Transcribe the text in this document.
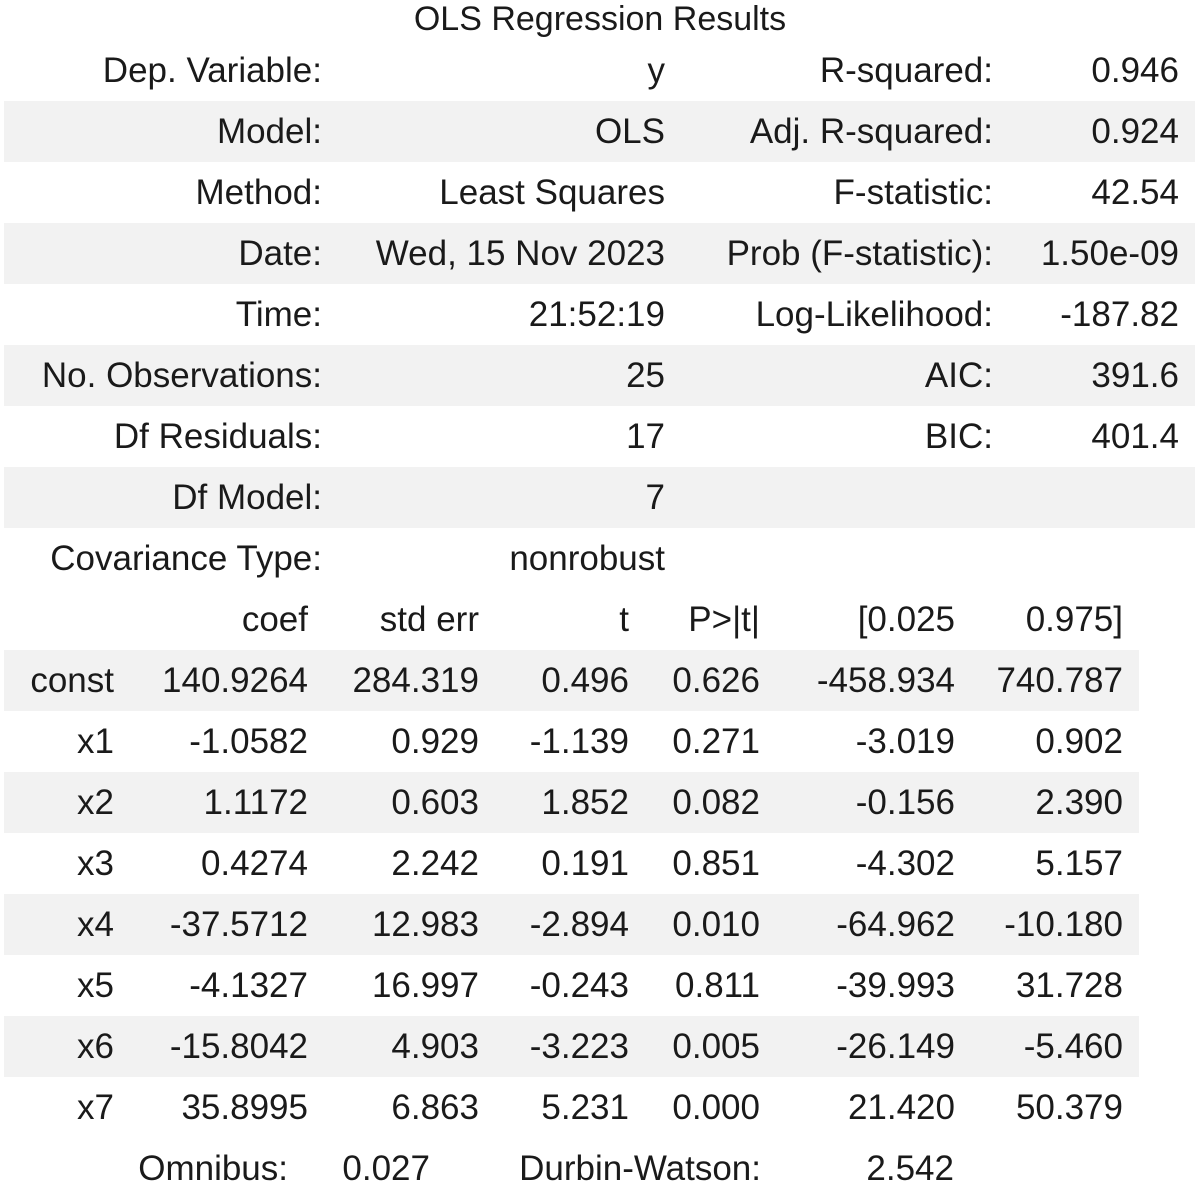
OLS Regression Results
Dep. Variable:	y	R-squared:	0.946
Model:	OLS	Adj. R-squared:	0.924
Method:	Least Squares	F-statistic:	42.54
Date:	Wed, 15 Nov 2023	Prob (F-statistic):	1.50e-09
Time:	21:52:19	Log-Likelihood:	-187.82
No. Observations:	25	AIC:	391.6
Df Residuals:	17	BIC:	401.4
Df Model:	7		
Covariance Type:	nonrobust		
	coef	std err	t	P>|t|	[0.025	0.975]
const	140.9264	284.319	0.496	0.626	-458.934	740.787
x1	-1.0582	0.929	-1.139	0.271	-3.019	0.902
x2	1.1172	0.603	1.852	0.082	-0.156	2.390
x3	0.4274	2.242	0.191	0.851	-4.302	5.157
x4	-37.5712	12.983	-2.894	0.010	-64.962	-10.180
x5	-4.1327	16.997	-0.243	0.811	-39.993	31.728
x6	-15.8042	4.903	-3.223	0.005	-26.149	-5.460
x7	35.8995	6.863	5.231	0.000	21.420	50.379
Omnibus:	0.027	Durbin-Watson:	2.542
